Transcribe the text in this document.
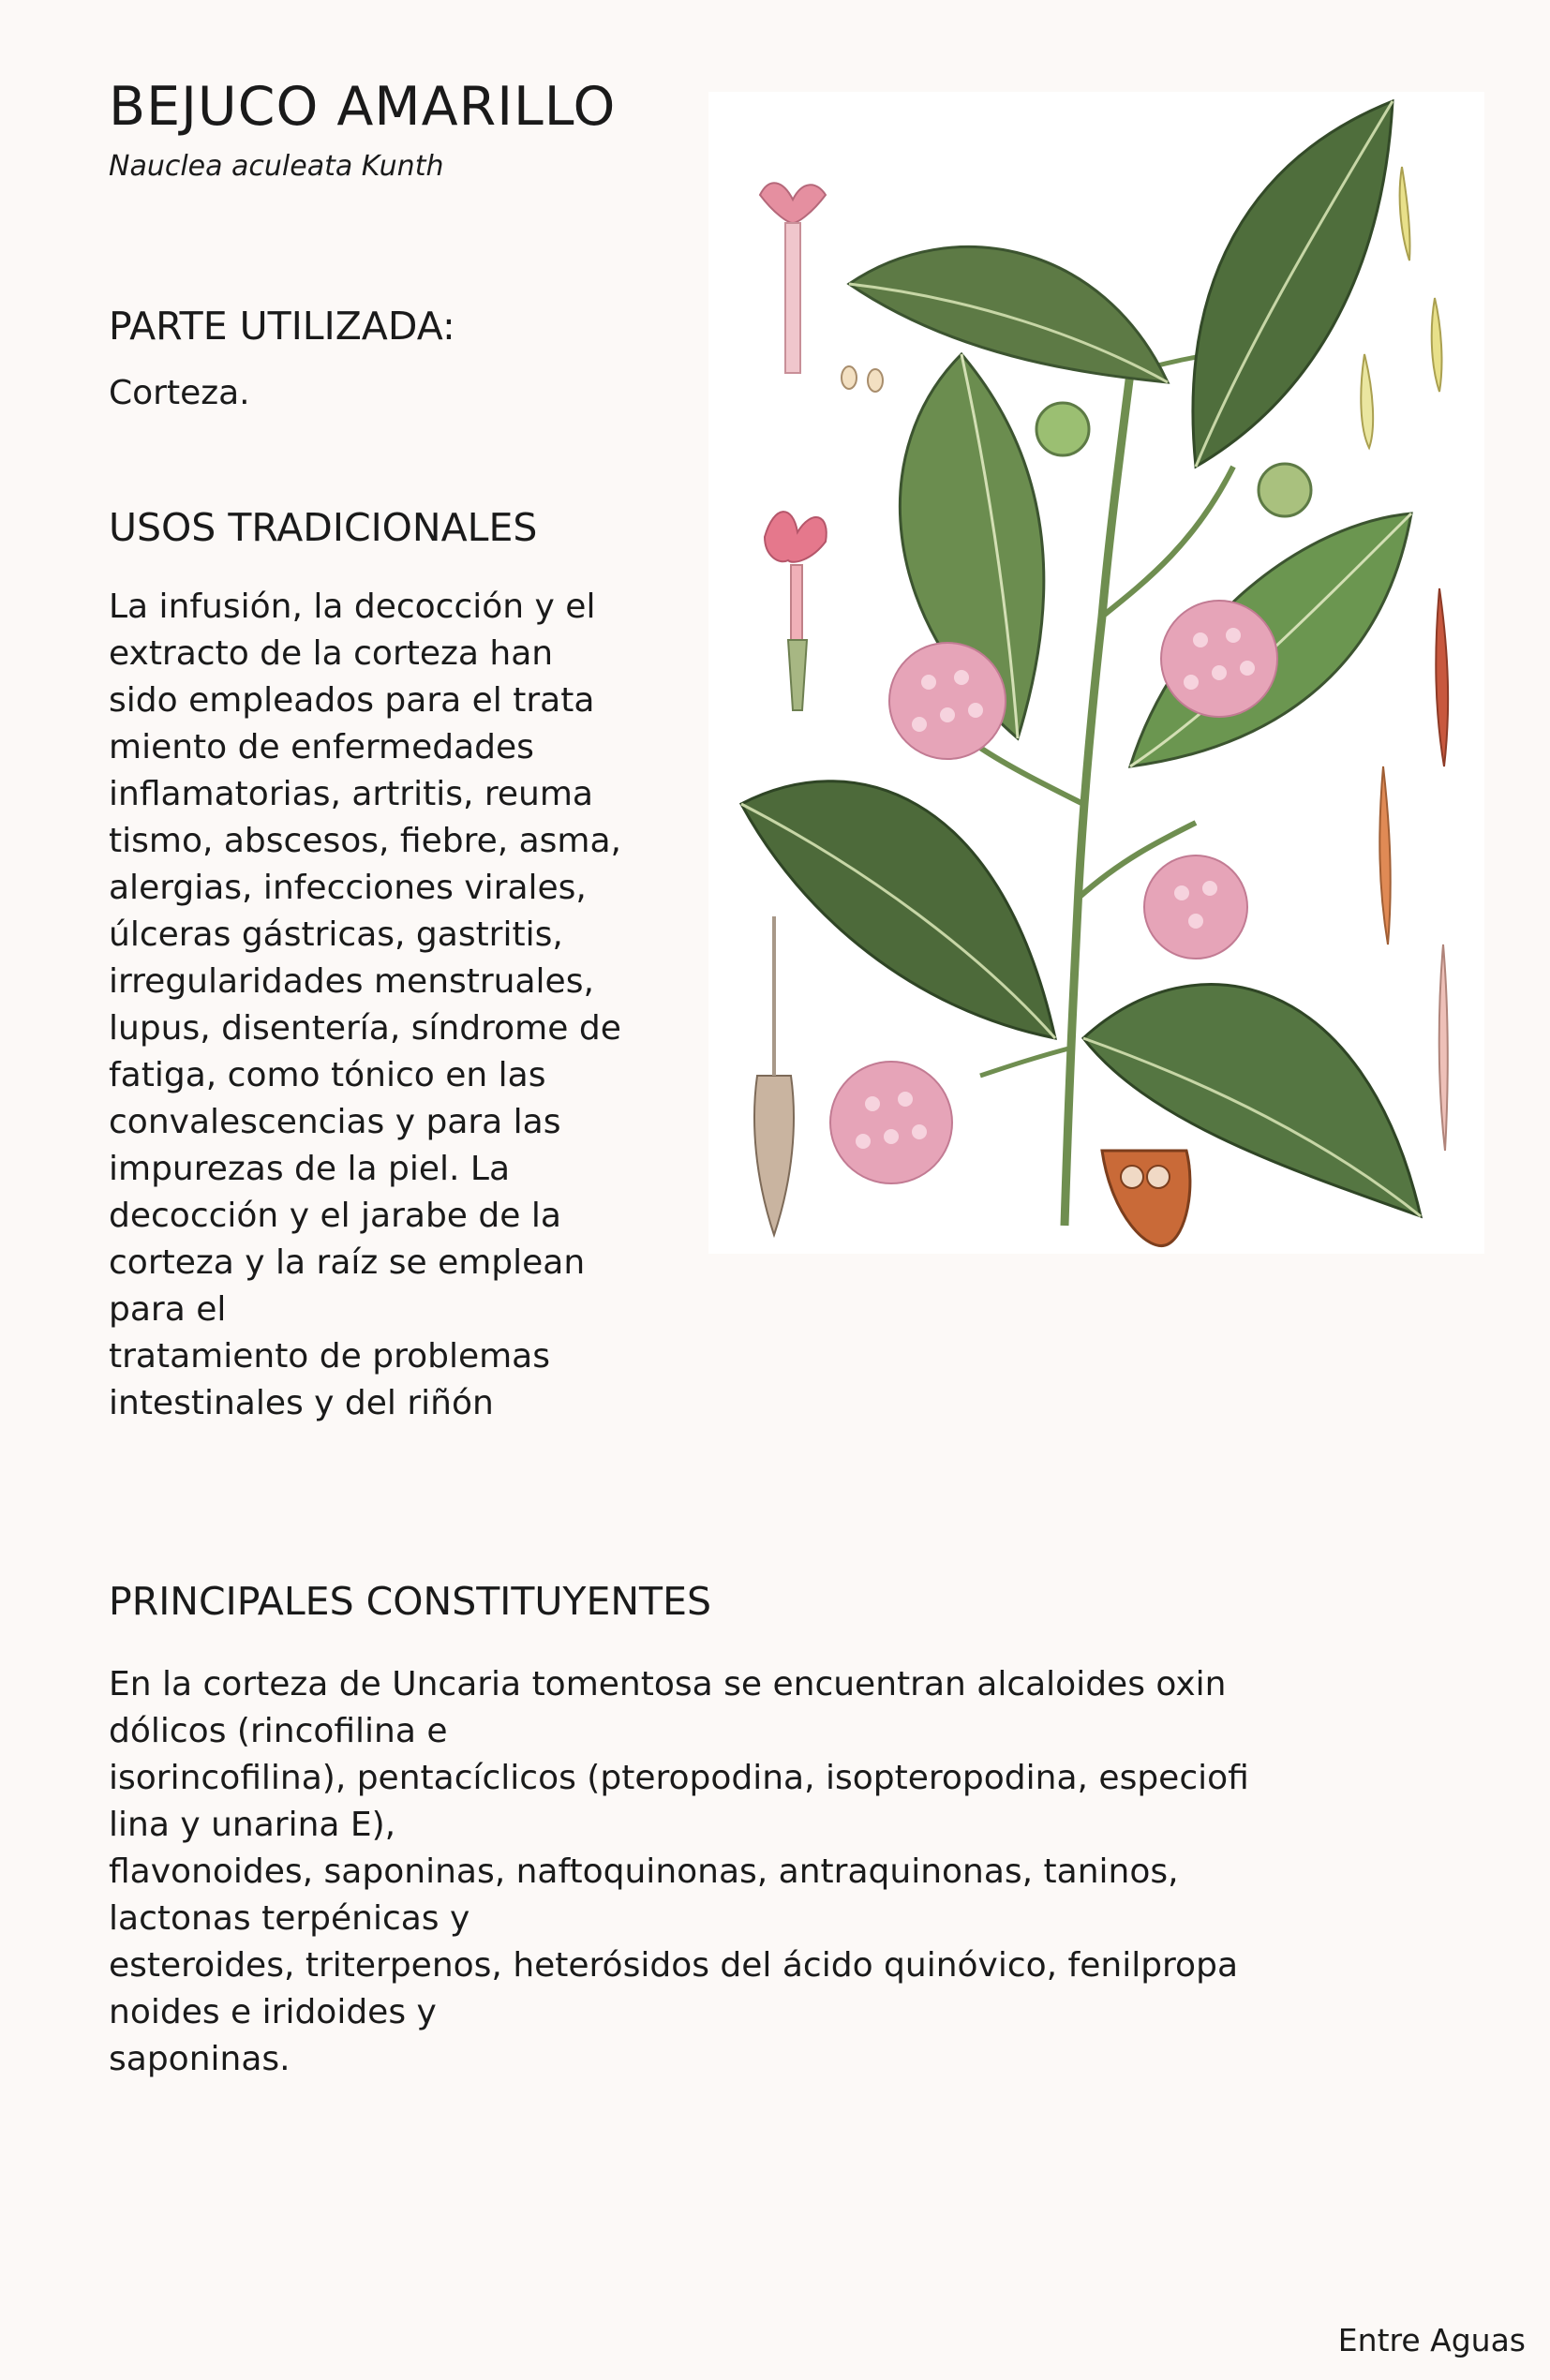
BEJUCO AMARILLO

Nauclea aculeata Kunth

PARTE UTILIZADA:

Corteza.

USOS TRADICIONALES

La infusión, la decocción y el

extracto de la corteza han

sido empleados para el trata

miento de enfermedades

inflamatorias, artritis, reuma

tismo, abscesos, fiebre, asma,

alergias, infecciones virales,

úlceras gástricas, gastritis,

irregularidades menstruales,

lupus, disentería, síndrome de

fatiga, como tónico en las

convalescencias y para las

impurezas de la piel. La

decocción y el jarabe de la

corteza y la raíz se emplean

para el

tratamiento de problemas

intestinales y del riñón

PRINCIPALES CONSTITUYENTES

En la corteza de Uncaria tomentosa se encuentran alcaloides oxin

dólicos (rincofilina e

isorincofilina), pentacíclicos (pteropodina, isopteropodina, especiofi

lina y unarina E),

flavonoides, saponinas, naftoquinonas, antraquinonas, taninos,

lactonas terpénicas y

esteroides, triterpenos, heterósidos del ácido quinóvico, fenilpropa

noides e iridoides y

saponinas.

Entre Aguas
